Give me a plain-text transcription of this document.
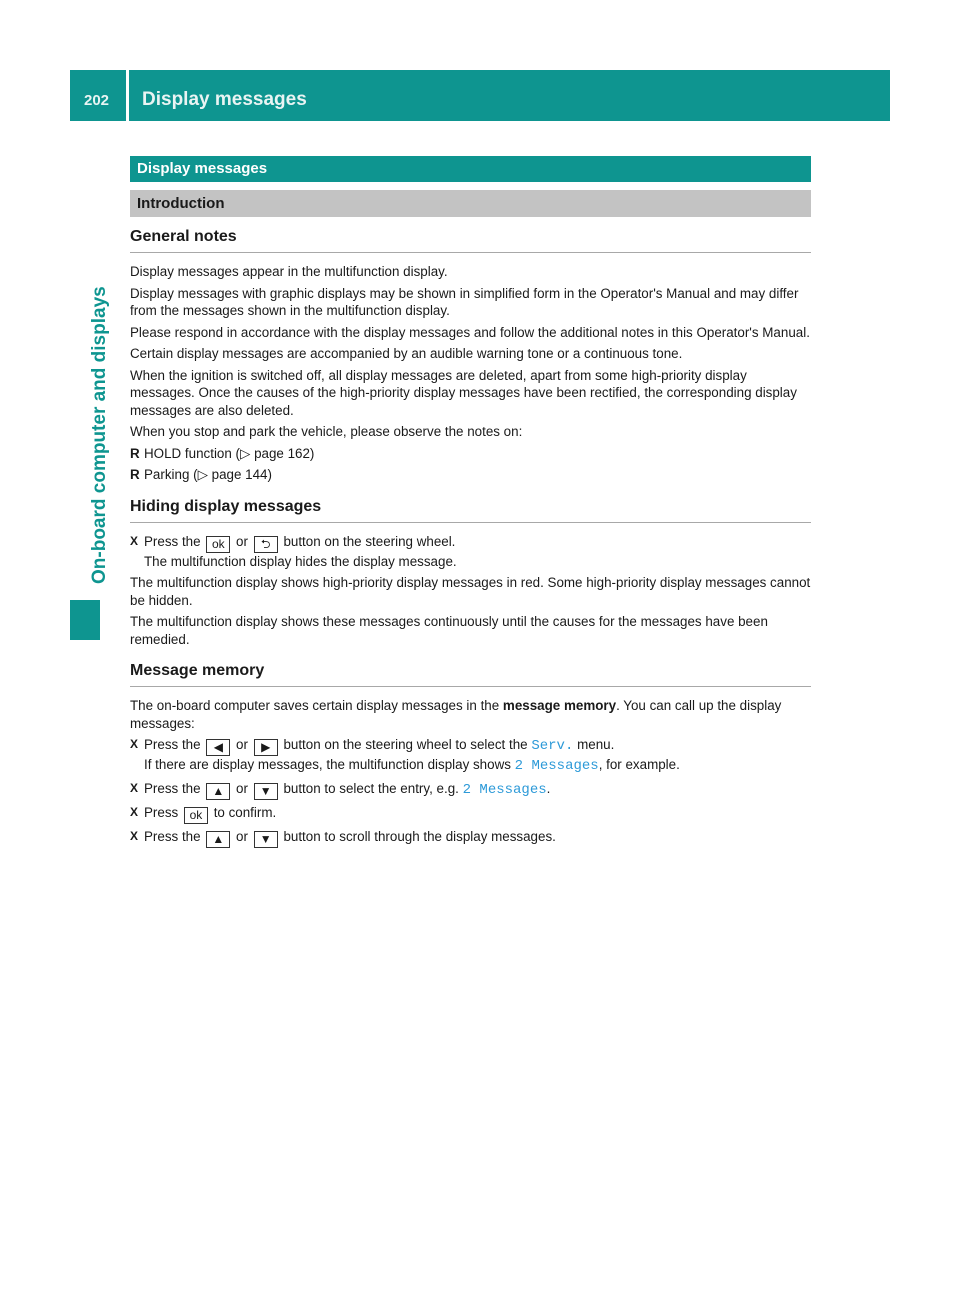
202 Display messages
On-board computer and displays
Display messages
Introduction
General notes

Display messages appear in the multifunction display.

Display messages with graphic displays may be shown in simplified form in the Operator's Manual and may differ from the messages shown in the multifunction display.

Please respond in accordance with the display messages and follow the additional notes in this Operator's Manual.

Certain display messages are accompanied by an audible warning tone or a continuous tone.

When the ignition is switched off, all display messages are deleted, apart from some high-priority display messages. Once the causes of the high-priority display messages have been rectified, the corresponding display messages are also deleted.

When you stop and park the vehicle, please observe the notes on:

R HOLD function (▷ page 162)
R Parking (▷ page 144)
Hiding display messages
X Press the ok or ⮌ button on the steering wheel.
The multifunction display hides the display message.

The multifunction display shows high-priority display messages in red. Some high-priority display messages cannot be hidden.

The multifunction display shows these messages continuously until the causes for the messages have been remedied.

Message memory

The on-board computer saves certain display messages in the message memory. You can call up the display messages:

X Press the ◀ or ▶ button on the steering wheel to select the Serv. menu.
If there are display messages, the multifunction display shows 2 Messages, for example.
X Press the ▲ or ▼ button to select the entry, e.g. 2 Messages.
X Press ok to confirm.
X Press the ▲ or ▼ button to scroll through the display messages.
